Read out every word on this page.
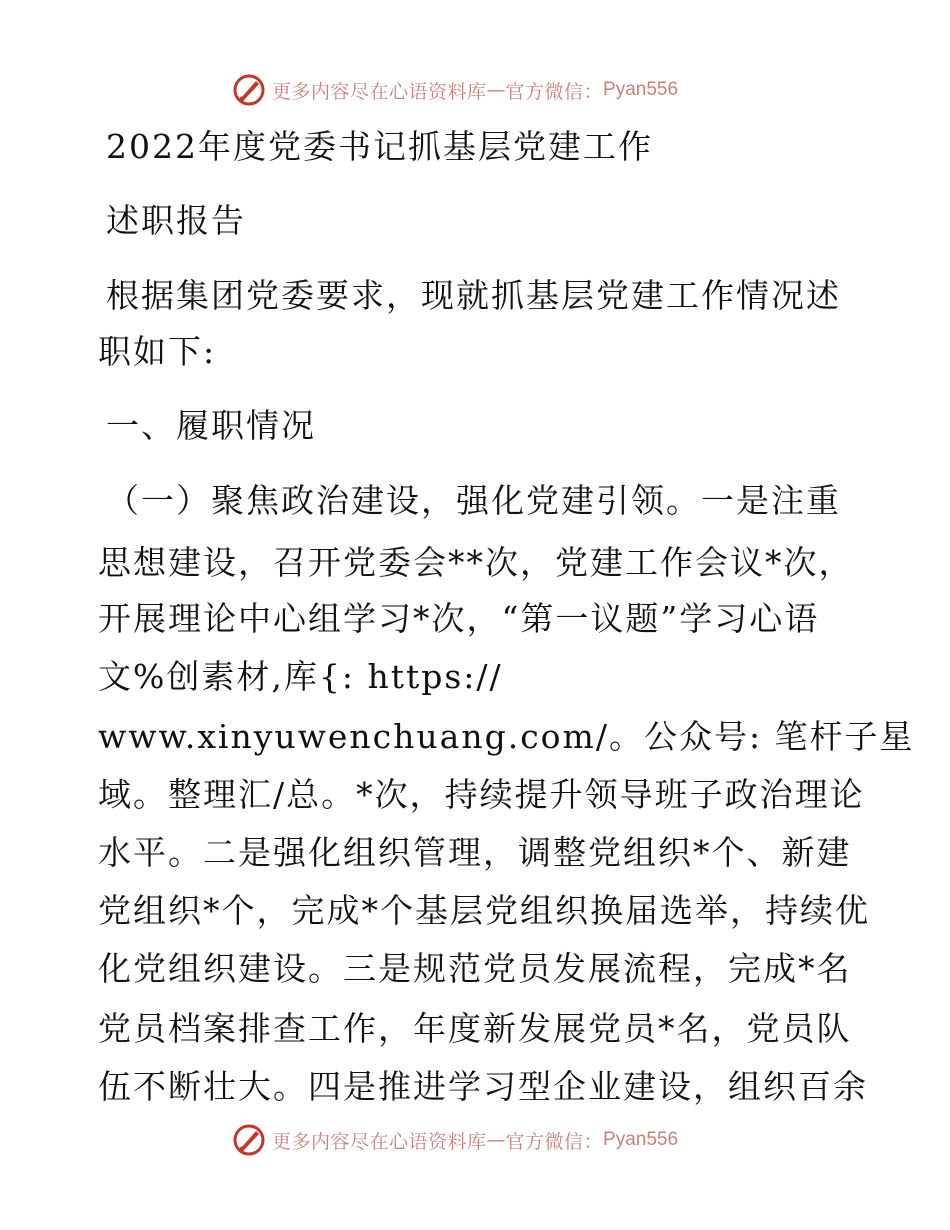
更多内容尽在心语资料库 — 官方微信： Pyan556
2022年度党委书记抓基层党建工作
述职报告
根据集团党委要求，现就抓基层党建工作情况述
职如下:
一、履职情况
（一）聚焦政治建设，强化党建引领。一是注重
思想建设，召开党委会**次，党建工作会议*次，
开展理论中心组学习*次，“第一议题”学习心语
文%创素材,库{: https://
www.xinyuwenchuang.com/。公众号: 笔杆子星
域。整理汇/总。*次，持续提升领导班子政治理论
水平。二是强化组织管理，调整党组织*个、新建
党组织*个，完成*个基层党组织换届选举，持续优
化党组织建设。三是规范党员发展流程，完成*名
党员档案排查工作，年度新发展党员*名，党员队
伍不断壮大。四是推进学习型企业建设，组织百余
更多内容尽在心语资料库 — 官方微信： Pyan556
